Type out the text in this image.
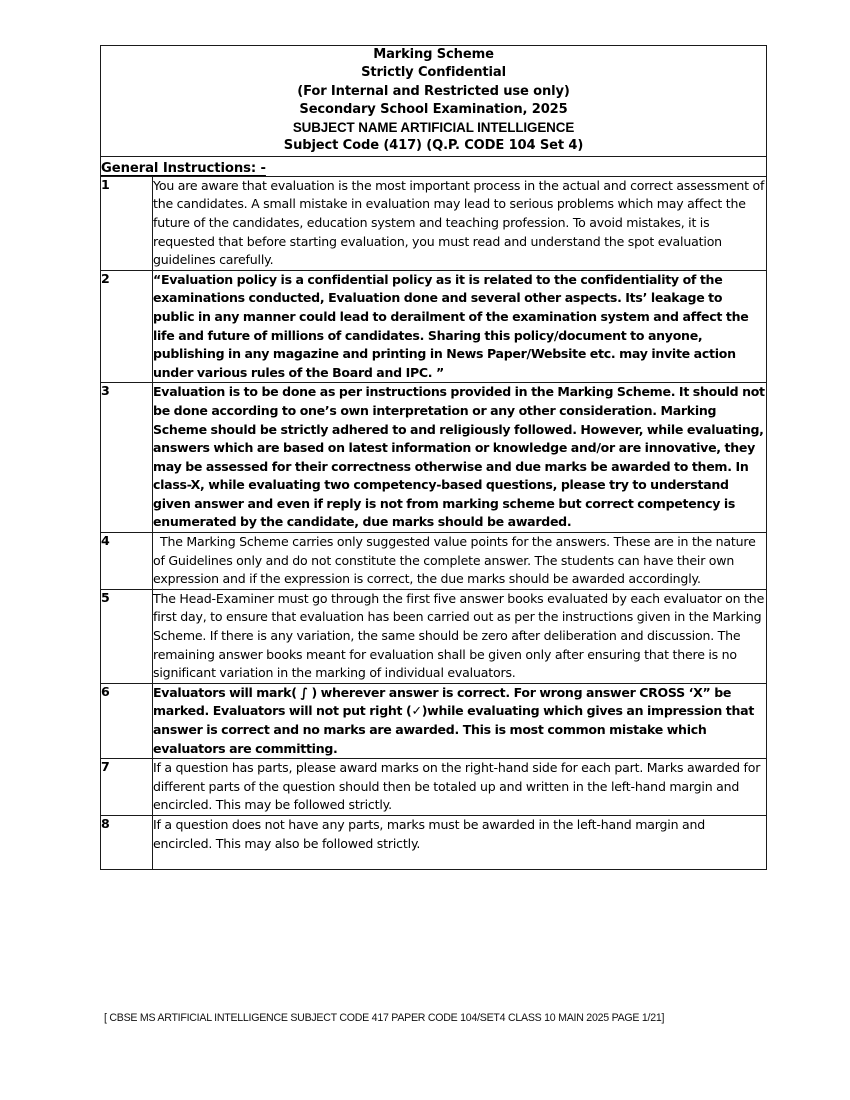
Marking Scheme
Strictly Confidential
(For Internal and Restricted use only)
Secondary School Examination, 2025
SUBJECT NAME ARTIFICIAL INTELLIGENCE
Subject Code (417) (Q.P. CODE 104 Set 4)

General Instructions: -	
1	You are aware that evaluation is the most important process in the actual and correct assessment of the candidates. A small mistake in evaluation may lead to serious problems which may affect the future of the candidates, education system and teaching profession. To avoid mistakes, it is requested that before starting evaluation, you must read and understand the spot evaluation guidelines carefully.

2	“Evaluation policy is a confidential policy as it is related to the confidentiality of the examinations conducted, Evaluation done and several other aspects. Its’ leakage to public in any manner could lead to derailment of the examination system and affect the life and future of millions of candidates. Sharing this policy/document to anyone, publishing in any magazine and printing in News Paper/Website etc. may invite action under various rules of the Board and IPC. ”

3	Evaluation is to be done as per instructions provided in the Marking Scheme. It should not be done according to one’s own interpretation or any other consideration. Marking Scheme should be strictly adhered to and religiously followed. However, while evaluating, answers which are based on latest information or knowledge and/or are innovative, they may be assessed for their correctness otherwise and due marks be awarded to them. In class-X, while evaluating two competency-based questions, please try to understand given answer and even if reply is not from marking scheme but correct competency is enumerated by the candidate, due marks should be awarded.

4	The Marking Scheme carries only suggested value points for the answers. These are in the nature of Guidelines only and do not constitute the complete answer. The students can have their own expression and if the expression is correct, the due marks should be awarded accordingly.

5	The Head-Examiner must go through the first five answer books evaluated by each evaluator on the first day, to ensure that evaluation has been carried out as per the instructions given in the Marking Scheme. If there is any variation, the same should be zero after deliberation and discussion. The remaining answer books meant for evaluation shall be given only after ensuring that there is no significant variation in the marking of individual evaluators.

6	Evaluators will mark( ∫ ) wherever answer is correct. For wrong answer CROSS ‘X” be marked. Evaluators will not put right (✓)while evaluating which gives an impression that answer is correct and no marks are awarded. This is most common mistake which evaluators are committing.

7	If a question has parts, please award marks on the right-hand side for each part. Marks awarded for different parts of the question should then be totaled up and written in the left-hand margin and encircled. This may be followed strictly.

8	If a question does not have any parts, marks must be awarded in the left-hand margin and encircled. This may also be followed strictly.
[ CBSE MS ARTIFICIAL INTELLIGENCE SUBJECT CODE 417 PAPER CODE 104/SET4 CLASS 10 MAIN 2025 PAGE 1/21]
